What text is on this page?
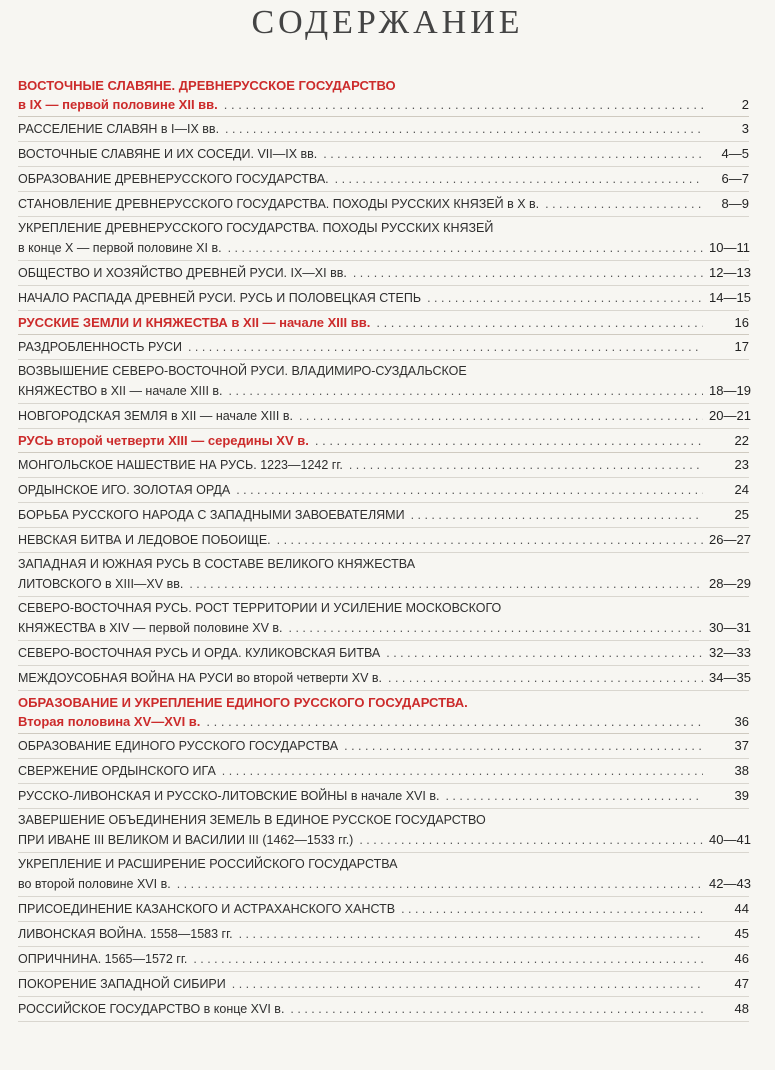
СОДЕРЖАНИЕ
ВОСТОЧНЫЕ СЛАВЯНЕ. ДРЕВНЕРУССКОЕ ГОСУДАРСТВО
в IX — первой половине XII вв. . . .	2
РАССЕЛЕНИЕ СЛАВЯН в I—IX вв. . . .	3
ВОСТОЧНЫЕ СЛАВЯНЕ И ИХ СОСЕДИ. VII—IX вв. . . .	4—5
ОБРАЗОВАНИЕ ДРЕВНЕРУССКОГО ГОСУДАРСТВА. . . .	6—7
СТАНОВЛЕНИЕ ДРЕВНЕРУССКОГО ГОСУДАРСТВА. ПОХОДЫ РУССКИХ КНЯЗЕЙ в X в. . . .	8—9
УКРЕПЛЕНИЕ ДРЕВНЕРУССКОГО ГОСУДАРСТВА. ПОХОДЫ РУССКИХ КНЯЗЕЙ
в конце X — первой половине XI в. . . .	10—11
ОБЩЕСТВО И ХОЗЯЙСТВО ДРЕВНЕЙ РУСИ. IX—XI вв. . . .	12—13
НАЧАЛО РАСПАДА ДРЕВНЕЙ РУСИ. РУСЬ И ПОЛОВЕЦКАЯ СТЕПЬ . . .	14—15
РУССКИЕ ЗЕМЛИ И КНЯЖЕСТВА в XII — начале XIII вв. . . .	16
РАЗДРОБЛЕННОСТЬ РУСИ . . .	17
ВОЗВЫШЕНИЕ СЕВЕРО-ВОСТОЧНОЙ РУСИ. ВЛАДИМИРО-СУЗДАЛЬСКОЕ
КНЯЖЕСТВО в XII — начале XIII в. . . .	18—19
НОВГОРОДСКАЯ ЗЕМЛЯ в XII — начале XIII в. . . .	20—21
РУСЬ второй четверти XIII — середины XV в. . . .	22
МОНГОЛЬСКОЕ НАШЕСТВИЕ НА РУСЬ. 1223—1242 гг. . . .	23
ОРДЫНСКОЕ ИГО. ЗОЛОТАЯ ОРДА . . .	24
БОРЬБА РУССКОГО НАРОДА С ЗАПАДНЫМИ ЗАВОЕВАТЕЛЯМИ . . .	25
НЕВСКАЯ БИТВА И ЛЕДОВОЕ ПОБОИЩЕ. . . .	26—27
ЗАПАДНАЯ И ЮЖНАЯ РУСЬ В СОСТАВЕ ВЕЛИКОГО КНЯЖЕСТВА
ЛИТОВСКОГО в XIII—XV вв. . . .	28—29
СЕВЕРО-ВОСТОЧНАЯ РУСЬ. РОСТ ТЕРРИТОРИИ И УСИЛЕНИЕ МОСКОВСКОГО
КНЯЖЕСТВА в XIV — первой половине XV в. . . .	30—31
СЕВЕРО-ВОСТОЧНАЯ РУСЬ И ОРДА. КУЛИКОВСКАЯ БИТВА . . .	32—33
МЕЖДОУСОБНАЯ ВОЙНА НА РУСИ во второй четверти XV в. . . .	34—35
ОБРАЗОВАНИЕ И УКРЕПЛЕНИЕ ЕДИНОГО РУССКОГО ГОСУДАРСТВА.
Вторая половина XV—XVI в. . . .	36
ОБРАЗОВАНИЕ ЕДИНОГО РУССКОГО ГОСУДАРСТВА . . .	37
СВЕРЖЕНИЕ ОРДЫНСКОГО ИГА . . .	38
РУССКО-ЛИВОНСКАЯ И РУССКО-ЛИТОВСКИЕ ВОЙНЫ в начале XVI в. . . .	39
ЗАВЕРШЕНИЕ ОБЪЕДИНЕНИЯ ЗЕМЕЛЬ В ЕДИНОЕ РУССКОЕ ГОСУДАРСТВО
ПРИ ИВАНЕ III ВЕЛИКОМ И ВАСИЛИИ III (1462—1533 гг.) . . .	40—41
УКРЕПЛЕНИЕ И РАСШИРЕНИЕ РОССИЙСКОГО ГОСУДАРСТВА
во второй половине XVI в. . . .	42—43
ПРИСОЕДИНЕНИЕ КАЗАНСКОГО И АСТРАХАНСКОГО ХАНСТВ . . .	44
ЛИВОНСКАЯ ВОЙНА. 1558—1583 гг. . . .	45
ОПРИЧНИНА. 1565—1572 гг. . . .	46
ПОКОРЕНИЕ ЗАПАДНОЙ СИБИРИ . . .	47
РОССИЙСКОЕ ГОСУДАРСТВО в конце XVI в. . . .	48
